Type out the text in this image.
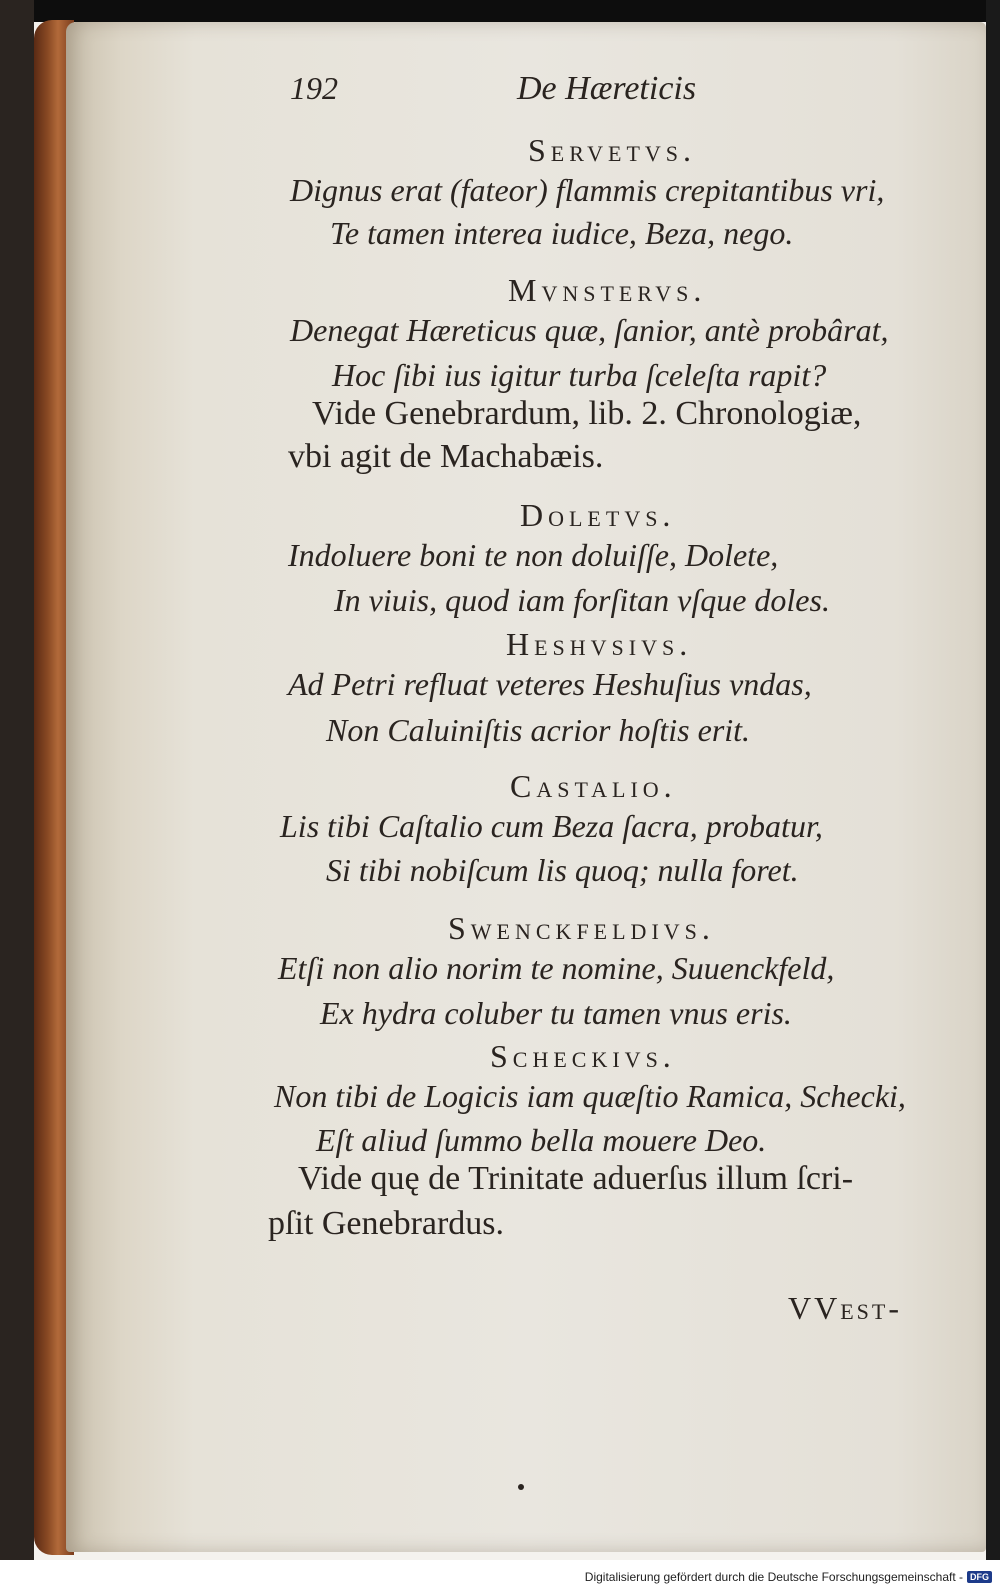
192	De Hæreticis
Servetvs.
Dignus erat (fateor) flammis crepitantibus vri,
Te tamen interea iudice, Beza, nego.
Mvnstervs.
Denegat Hæreticus quæ, ſanior, antè probârat,
Hoc ſibi ius igitur turba ſceleſta rapit?
Vide Genebrardum, lib. 2. Chronologiæ,
vbi agit de Machabæis.
Doletvs.
Indoluere boni te non doluiſſe, Dolete,
In viuis, quod iam forſitan vſque doles.
Heshvsivs.
Ad Petri refluat veteres Heshuſius vndas,
Non Caluiniſtis acrior hoſtis erit.
Castalio.
Lis tibi Caſtalio cum Beza ſacra, probatur,
Si tibi nobiſcum lis quoq; nulla foret.
Swenckfeldivs.
Etſi non alio norim te nomine, Suuenckfeld,
Ex hydra coluber tu tamen vnus eris.
Scheckivs.
Non tibi de Logicis iam quæſtio Ramica, Schecki,
Eſt aliud ſummo bella mouere Deo.
Vide quę de Trinitate aduerſus illum ſcri-
pſit Genebrardus.
VVest-
Digitalisierung gefördert durch die Deutsche Forschungsgemeinschaft - DFG
